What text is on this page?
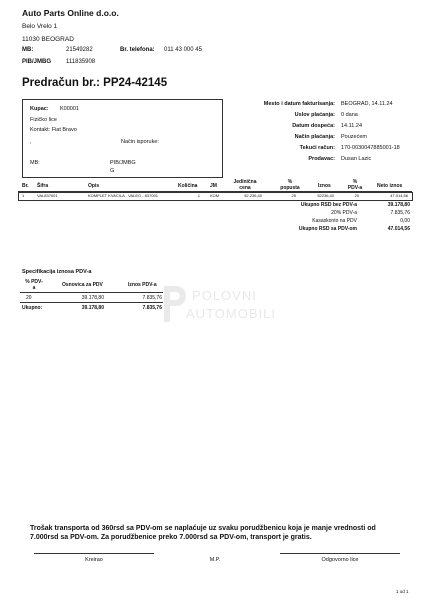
Auto Parts Online d.o.o.
Belo Vrelo 1
11030 BEOGRAD
MB:	21549282	Br. telefona: 011 43 000 45
PIB/JMBG 111835908
Predračun br.: PP24-42145
Kupac: K00001
Fizičko lice
Kontakt: Fiat Bravo
,	Način isporuke:
MB:	PIB/JMBG
G
Mesto i datum fakturisanja: BEOGRAD, 14.11.24
Uslov plaćanja: 0 dana
Datum dospeća: 14.11.24
Način plaćanja: Pouzećem
Tekući račun: 170-0030047885001-18
Prodavac: Dusan Lazic
Br. Šifra	Opis	Količina	JM
Jedinična
cena
%
popusta	Iznos
%
PDV-a	Neto iznos
1	VAL837001	KOMPLET KVACILA - VALEO - 837001	1	KOM	52.236,40	25	52236,40	20	47.014,56
Ukupno RSD bez PDV-a	39.178,80
20% PDV-a	7.835,76
Kasaskonto na PDV	0,00
Ukupno RSD sa PDV-om	47.014,56
Specifikacija iznosa PDV-a
% PDV-
a	Osnovica za PDV	Iznos PDV-a
20	39.178,80	7.835,76
Ukupno:	39.178,80	7.835,76
POLOVNI
AUTOMOBILI
Trošak transporta od 360rsd sa PDV-om se naplaćuje uz svaku porudžbenicu koja je manje vrednosti od 7.000rsd sa PDV-om. Za porudžbenice preko 7.000rsd sa PDV-om, transport je gratis.
Kreirao	M.P.	Odgovorno lice
1 od 1
